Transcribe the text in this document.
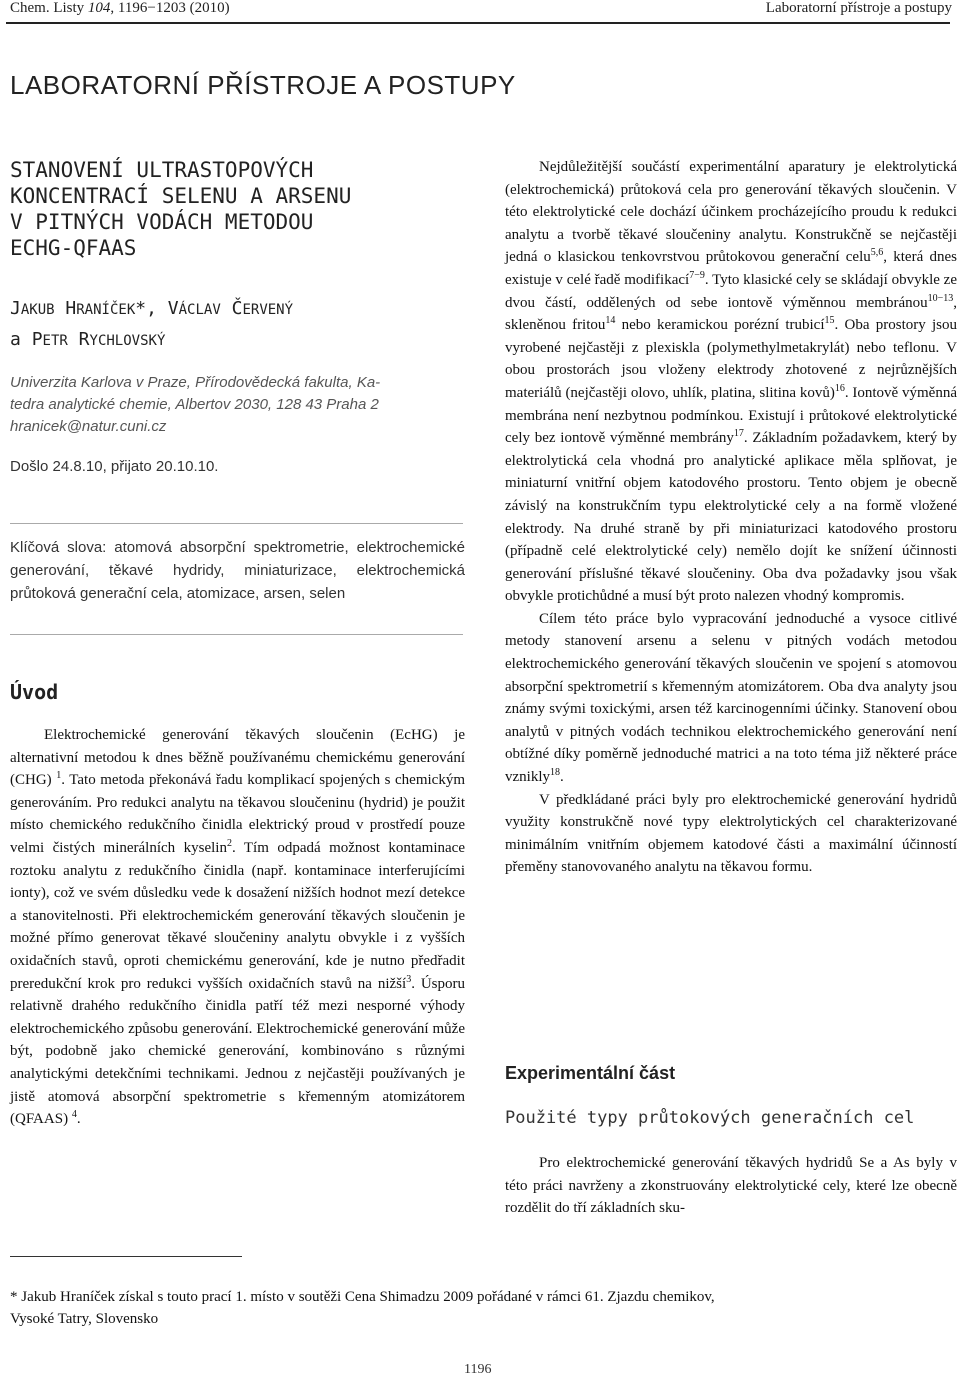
Chem. Listy 104, 1196−1203 (2010)	Laboratorní přístroje a postupy
LABORATORNÍ PŘÍSTROJE A POSTUPY
STANOVENÍ ULTRASTOPOVÝCH
KONCENTRACÍ SELENU A ARSENU
V PITNÝCH VODÁCH METODOU
ECHG-QFAAS
JAKUB HRANÍČEK*, VÁCLAV ČERVENÝ
a PETR RYCHLOVSKÝ
Univerzita Karlova v Praze, Přírodovědecká fakulta, Ka-
tedra analytické chemie, Albertov 2030, 128 43 Praha 2
hranicek@natur.cuni.cz
Došlo 24.8.10, přijato 20.10.10.
Klíčová slova: atomová absorpční spektrometrie, elektrochemické generování, těkavé hydridy, miniaturizace, elektrochemická průtoková generační cela, atomizace, arsen, selen
Úvod

Elektrochemické generování těkavých sloučenin (EcHG) je alternativní metodou k dnes běžně používanému chemickému generování (CHG) $^1$. Tato metoda překonává řadu komplikací spojených s chemickým generováním. Pro redukci analytu na těkavou sloučeninu (hydrid) je použit místo chemického redukčního činidla elektrický proud v prostředí pouze velmi čistých minerálních kyselin$^2$. Tím odpadá možnost kontaminace roztoku analytu z redukčního činidla (např. kontaminace interferujícími ionty), což ve svém důsledku vede k dosažení nižších hodnot mezí detekce a stanovitelnosti. Při elektrochemickém generování těkavých sloučenin je možné přímo generovat těkavé sloučeniny analytu obvykle i z vyšších oxidačních stavů, oproti chemickému generování, kde je nutno předřadit preredukční krok pro redukci vyšších oxidačních stavů na nižší$^3$. Úsporu relativně drahého redukčního činidla patří též mezi nesporné výhody elektrochemického způsobu generování. Elektrochemické generování může být, podobně jako chemické generování, kombinováno s různými analytickými detekčními technikami. Jednou z nejčastěji používaných je jistě atomová absorpční spektrometrie s křemenným atomizátorem (QFAAS) $^4$.

Nejdůležitější součástí experimentální aparatury je elektrolytická (elektrochemická) průtoková cela pro generování těkavých sloučenin. V této elektrolytické cele dochází účinkem procházejícího proudu k redukci analytu a tvorbě těkavé sloučeniny analytu. Konstrukčně se nejčastěji jedná o klasickou tenkovrstvou průtokovou generační celu$^{5,6}$, která dnes existuje v celé řadě modifikací$^{7-9}$. Tyto klasické cely se skládají obvykle ze dvou částí, oddělených od sebe iontově výměnnou membránou$^{10-13}$, skleněnou fritou$^{14}$ nebo keramickou porézní trubicí$^{15}$. Oba prostory jsou vyrobené nejčastěji z plexiskla (polymethylmetakrylát) nebo teflonu. V obou prostorách jsou vloženy elektrody zhotovené z nejrůznějších materiálů (nejčastěji olovo, uhlík, platina, slitina kovů)$^{16}$. Iontově výměnná membrána není nezbytnou podmínkou. Existují i průtokové elektrolytické cely bez iontově výměnné membrány$^{17}$. Základním požadavkem, který by elektrolytická cela vhodná pro analytické aplikace měla splňovat, je miniaturní vnitřní objem katodového prostoru. Tento objem je obecně závislý na konstrukčním typu elektrolytické cely a na formě vložené elektrody. Na druhé straně by při miniaturizaci katodového prostoru (případně celé elektrolytické cely) nemělo dojít ke snížení účinnosti generování příslušné těkavé sloučeniny. Oba dva požadavky jsou však obvykle protichůdné a musí být proto nalezen vhodný kompromis.

Cílem této práce bylo vypracování jednoduché a vysoce citlivé metody stanovení arsenu a selenu v pitných vodách metodou elektrochemického generování těkavých sloučenin ve spojení s atomovou absorpční spektrometrií s křemenným atomizátorem. Oba dva analyty jsou známy svými toxickými, arsen též karcinogenními účinky. Stanovení obou analytů v pitných vodách technikou elektrochemického generování není obtížné díky poměrně jednoduché matrici a na toto téma již některé práce vznikly$^{18}$.

V předkládané práci byly pro elektrochemické generování hydridů využity konstrukčně nové typy elektrolytických cel charakterizované minimálním vnitřním objemem katodové části a maximální účinností přeměny stanovovaného analytu na těkavou formu.

Experimentální část
Použité typy průtokových generačních cel

Pro elektrochemické generování těkavých hydridů Se a As byly v této práci navrženy a zkonstruovány elektrolytické cely, které lze obecně rozdělit do tří základních sku-

* Jakub Hraníček získal s touto prací 1. místo v soutěži Cena Shimadzu 2009 pořádané v rámci 61. Zjazdu chemikov,
Vysoké Tatry, Slovensko
1196
